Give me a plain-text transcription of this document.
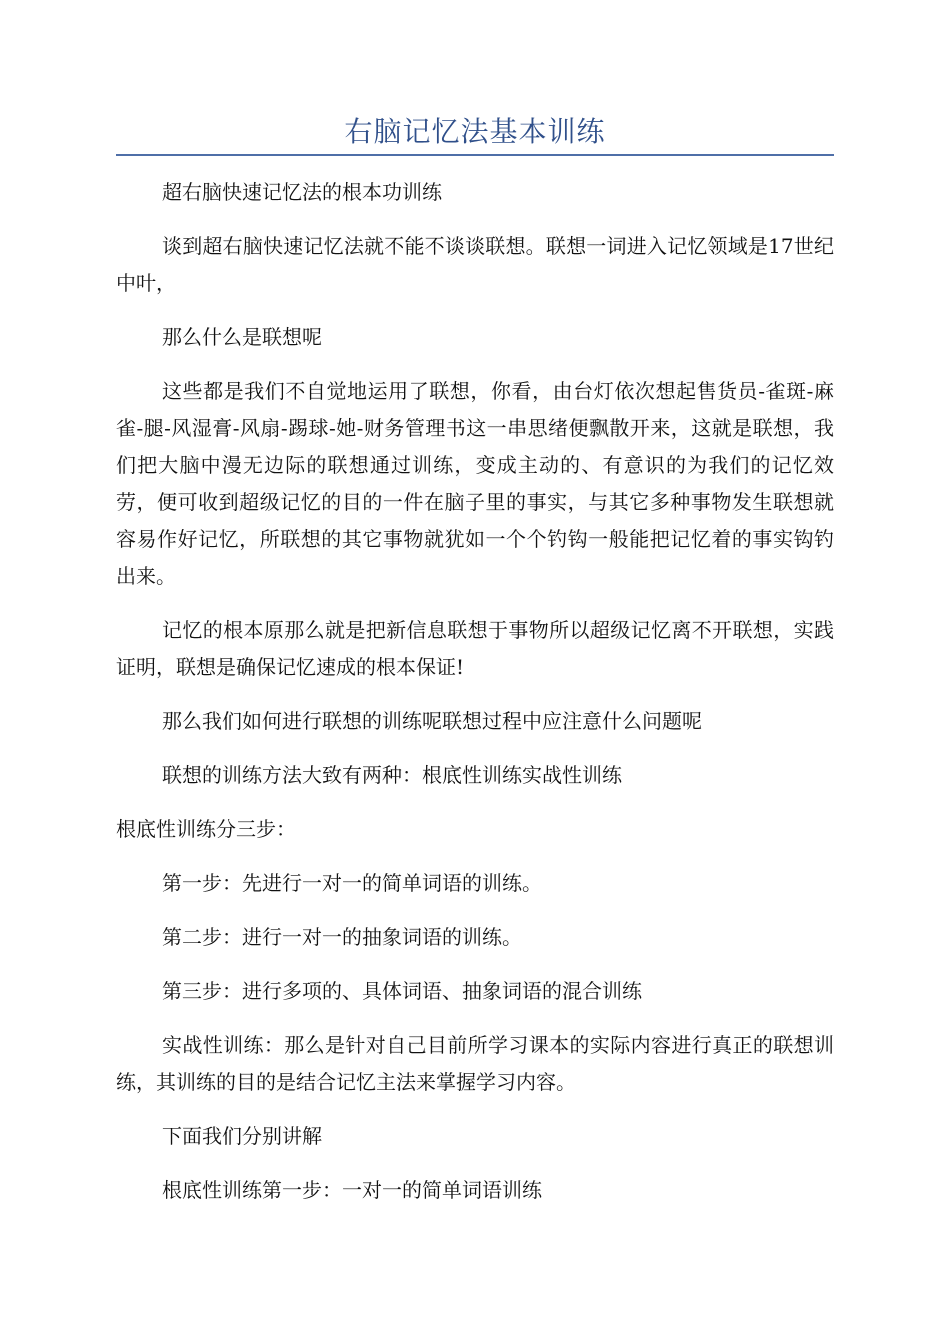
右脑记忆法基本训练

超右脑快速记忆法的根本功训练

谈到超右脑快速记忆法就不能不谈谈联想。联想一词进入记忆领域是17世纪中叶，

那么什么是联想呢

这些都是我们不自觉地运用了联想，你看，由台灯依次想起售货员-雀斑-麻雀-腿-风湿膏-风扇-踢球-她-财务管理书这一串思绪便飘散开来，这就是联想，我们把大脑中漫无边际的联想通过训练，变成主动的、有意识的为我们的记忆效劳，便可收到超级记忆的目的一件在脑子里的事实，与其它多种事物发生联想就容易作好记忆，所联想的其它事物就犹如一个个钓钩一般能把记忆着的事实钩钓出来。

记忆的根本原那么就是把新信息联想于事物所以超级记忆离不开联想，实践证明，联想是确保记忆速成的根本保证!

那么我们如何进行联想的训练呢联想过程中应注意什么问题呢

联想的训练方法大致有两种：根底性训练实战性训练

根底性训练分三步：

第一步：先进行一对一的简单词语的训练。

第二步：进行一对一的抽象词语的训练。

第三步：进行多项的、具体词语、抽象词语的混合训练

实战性训练：那么是针对自己目前所学习课本的实际内容进行真正的联想训练，其训练的目的是结合记忆主法来掌握学习内容。

下面我们分别讲解

根底性训练第一步：一对一的简单词语训练
